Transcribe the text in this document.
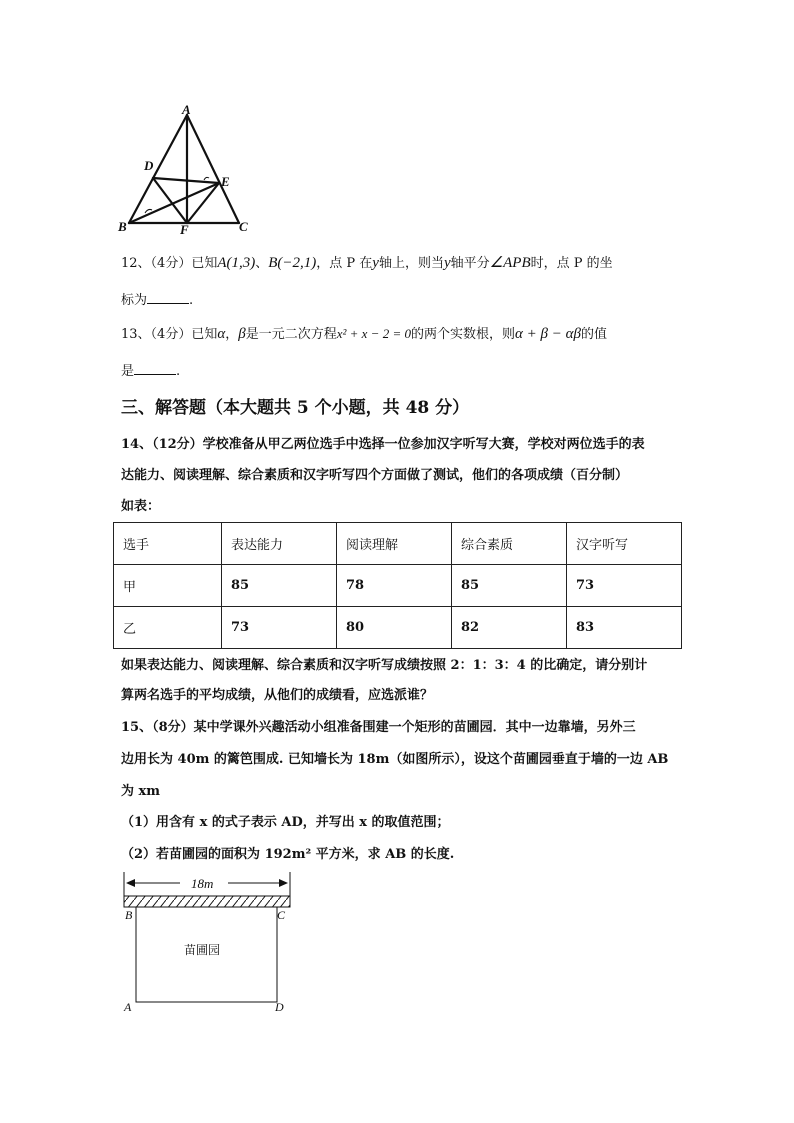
A
D
E
B	F	C
12、（4分）已知A(1,3)、B(−2,1)，点 P 在y轴上，则当y轴平分∠APB时，点 P 的坐
标为	.
13、（4分）已知α，β是一元二次方程x² + x − 2 = 0的两个实数根，则α + β − αβ的值
是	.
三、解答题（本大题共 5 个小题，共 48 分）
14、（12分）学校准备从甲乙两位选手中选择一位参加汉字听写大赛，学校对两位选手的表
达能力、阅读理解、综合素质和汉字听写四个方面做了测试，他们的各项成绩（百分制）
如表：
选手	表达能力	阅读理解	综合素质	汉字听写
甲	85	78	85	73
乙	73	80	82	83
如果表达能力、阅读理解、综合素质和汉字听写成绩按照 2：1：3：4 的比确定，请分别计
算两名选手的平均成绩，从他们的成绩看，应选派谁？
15、（8分）某中学课外兴趣活动小组准备围建一个矩形的苗圃园．其中一边靠墙，另外三
边用长为 40m 的篱笆围成. 已知墙长为 18m（如图所示），设这个苗圃园垂直于墙的一边 AB
为 xm
（1）用含有 x 的式子表示 AD，并写出 x 的取值范围；
（2）若苗圃园的面积为 192m² 平方米，求 AB 的长度.
18m
苗圃园
B	C
A	D
